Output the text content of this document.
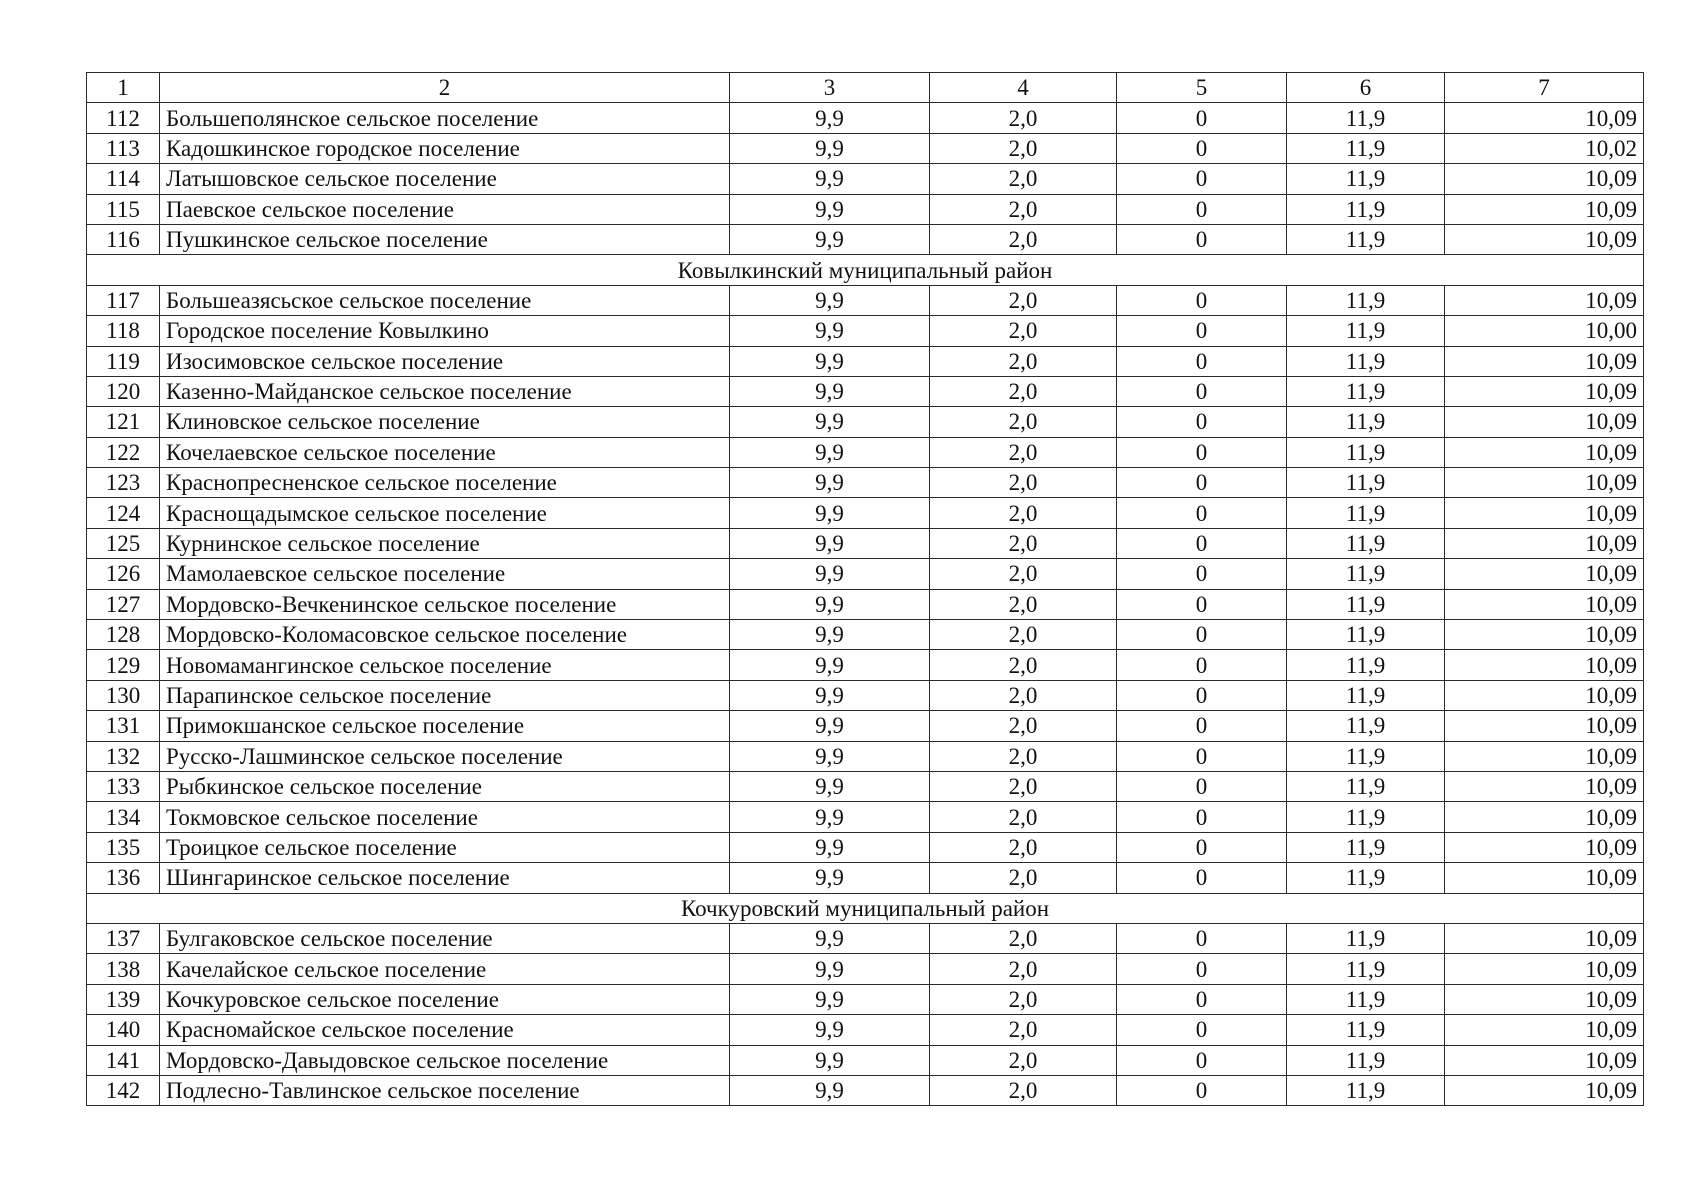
1	2	3	4	5	6	7
112	Большеполянское сельское поселение	9,9	2,0	0	11,9	10,09
113	Кадошкинское городское поселение	9,9	2,0	0	11,9	10,02
114	Латышовское сельское поселение	9,9	2,0	0	11,9	10,09
115	Паевское сельское поселение	9,9	2,0	0	11,9	10,09
116	Пушкинское сельское поселение	9,9	2,0	0	11,9	10,09
Ковылкинский муниципальный район						
117	Большеазясьское сельское поселение	9,9	2,0	0	11,9	10,09
118	Городское поселение Ковылкино	9,9	2,0	0	11,9	10,00
119	Изосимовское сельское поселение	9,9	2,0	0	11,9	10,09
120	Казенно-Майданское сельское поселение	9,9	2,0	0	11,9	10,09
121	Клиновское сельское поселение	9,9	2,0	0	11,9	10,09
122	Кочелаевское сельское поселение	9,9	2,0	0	11,9	10,09
123	Краснопресненское сельское поселение	9,9	2,0	0	11,9	10,09
124	Краснощадымское сельское поселение	9,9	2,0	0	11,9	10,09
125	Курнинское сельское поселение	9,9	2,0	0	11,9	10,09
126	Мамолаевское сельское поселение	9,9	2,0	0	11,9	10,09
127	Мордовско-Вечкенинское сельское поселение	9,9	2,0	0	11,9	10,09
128	Мордовско-Коломасовское сельское поселение	9,9	2,0	0	11,9	10,09
129	Новомамангинское сельское поселение	9,9	2,0	0	11,9	10,09
130	Парапинское сельское поселение	9,9	2,0	0	11,9	10,09
131	Примокшанское сельское поселение	9,9	2,0	0	11,9	10,09
132	Русско-Лашминское сельское поселение	9,9	2,0	0	11,9	10,09
133	Рыбкинское сельское поселение	9,9	2,0	0	11,9	10,09
134	Токмовское сельское поселение	9,9	2,0	0	11,9	10,09
135	Троицкое сельское поселение	9,9	2,0	0	11,9	10,09
136	Шингаринское сельское поселение	9,9	2,0	0	11,9	10,09
Кочкуровский муниципальный район						
137	Булгаковское сельское поселение	9,9	2,0	0	11,9	10,09
138	Качелайское сельское поселение	9,9	2,0	0	11,9	10,09
139	Кочкуровское сельское поселение	9,9	2,0	0	11,9	10,09
140	Красномайское сельское поселение	9,9	2,0	0	11,9	10,09
141	Мордовско-Давыдовское сельское поселение	9,9	2,0	0	11,9	10,09
142	Подлесно-Тавлинское сельское поселение	9,9	2,0	0	11,9	10,09
